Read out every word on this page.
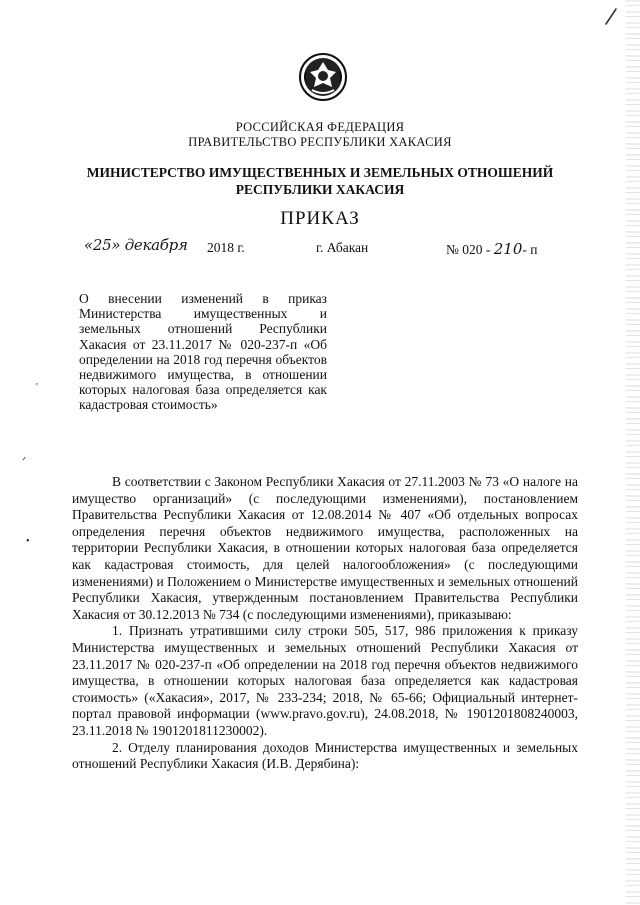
РОССИЙСКАЯ ФЕДЕРАЦИЯ
ПРАВИТЕЛЬСТВО РЕСПУБЛИКИ ХАКАСИЯ
МИНИСТЕРСТВО ИМУЩЕСТВЕННЫХ И ЗЕМЕЛЬНЫХ ОТНОШЕНИЙ
РЕСПУБЛИКИ ХАКАСИЯ
ПРИКАЗ
«25» декабря 2018 г.	г. Абакан	№ 020 - 210- п
О внесении изменений в приказ Министерства имущественных и земельных отношений Республики Хакасия от 23.11.2017 № 020-237-п «Об определении на 2018 год перечня объектов недвижимого имущества, в отношении которых налоговая база определяется как кадастровая стоимость»
'
ᐟ
•

В соответствии с Законом Республики Хакасия от 27.11.2003 № 73 «О налоге на имущество организаций» (с последующими изменениями), постановлением Правительства Республики Хакасия от 12.08.2014 № 407 «Об отдельных вопросах определения перечня объектов недвижимого имущества, расположенных на территории Республики Хакасия, в отношении которых налоговая база определяется как кадастровая стоимость, для целей налогообложения» (с последующими изменениями) и Положением о Министерстве имущественных и земельных отношений Республики Хакасия, утвержденным постановлением Правительства Республики Хакасия от 30.12.2013 № 734 (с последующими изменениями), приказываю:

1. Признать утратившими силу строки 505, 517, 986 приложения к приказу Министерства имущественных и земельных отношений Республики Хакасия от 23.11.2017 № 020-237-п «Об определении на 2018 год перечня объектов недвижимого имущества, в отношении которых налоговая база определяется как кадастровая стоимость» («Хакасия», 2017, № 233-234; 2018, № 65-66; Официальный интернет-портал правовой информации (www.pravo.gov.ru), 24.08.2018, № 1901201808240003, 23.11.2018 № 1901201811230002).

2. Отделу планирования доходов Министерства имущественных и земельных отношений Республики Хакасия (И.В. Дерябина):
